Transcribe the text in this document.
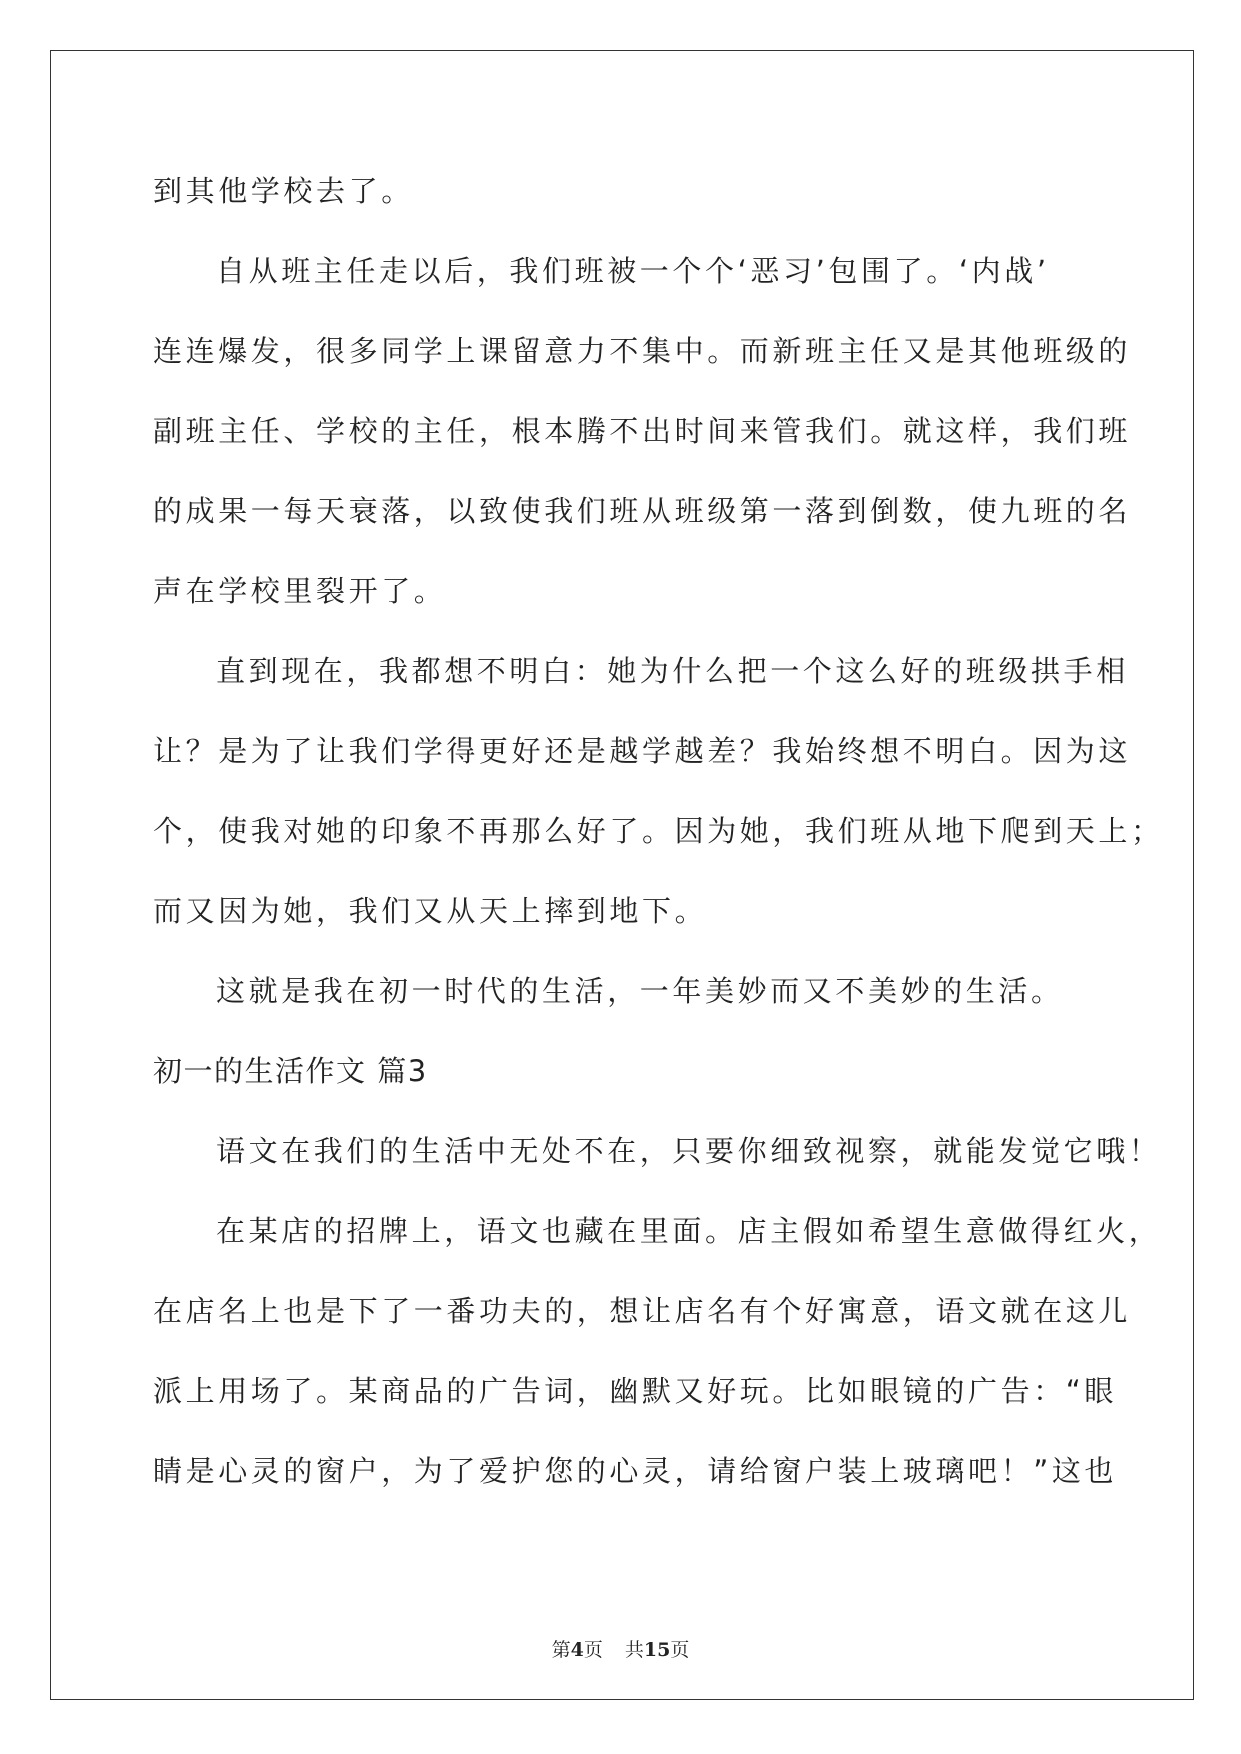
到其他学校去了。
自从班主任走以后，我们班被一个个‘恶习’包围了。‘内战’
连连爆发，很多同学上课留意力不集中。而新班主任又是其他班级的
副班主任、学校的主任，根本腾不出时间来管我们。就这样，我们班
的成果一每天衰落，以致使我们班从班级第一落到倒数，使九班的名
声在学校里裂开了。
直到现在，我都想不明白：她为什么把一个这么好的班级拱手相
让？是为了让我们学得更好还是越学越差？我始终想不明白。因为这
个，使我对她的印象不再那么好了。因为她，我们班从地下爬到天上；
而又因为她，我们又从天上摔到地下。
这就是我在初一时代的生活，一年美妙而又不美妙的生活。
初一的生活作文 篇3
语文在我们的生活中无处不在，只要你细致视察，就能发觉它哦！
在某店的招牌上，语文也藏在里面。店主假如希望生意做得红火，
在店名上也是下了一番功夫的，想让店名有个好寓意，语文就在这儿
派上用场了。某商品的广告词，幽默又好玩。比如眼镜的广告：“眼
睛是心灵的窗户，为了爱护您的心灵，请给窗户装上玻璃吧！”这也
第4页 共15页
